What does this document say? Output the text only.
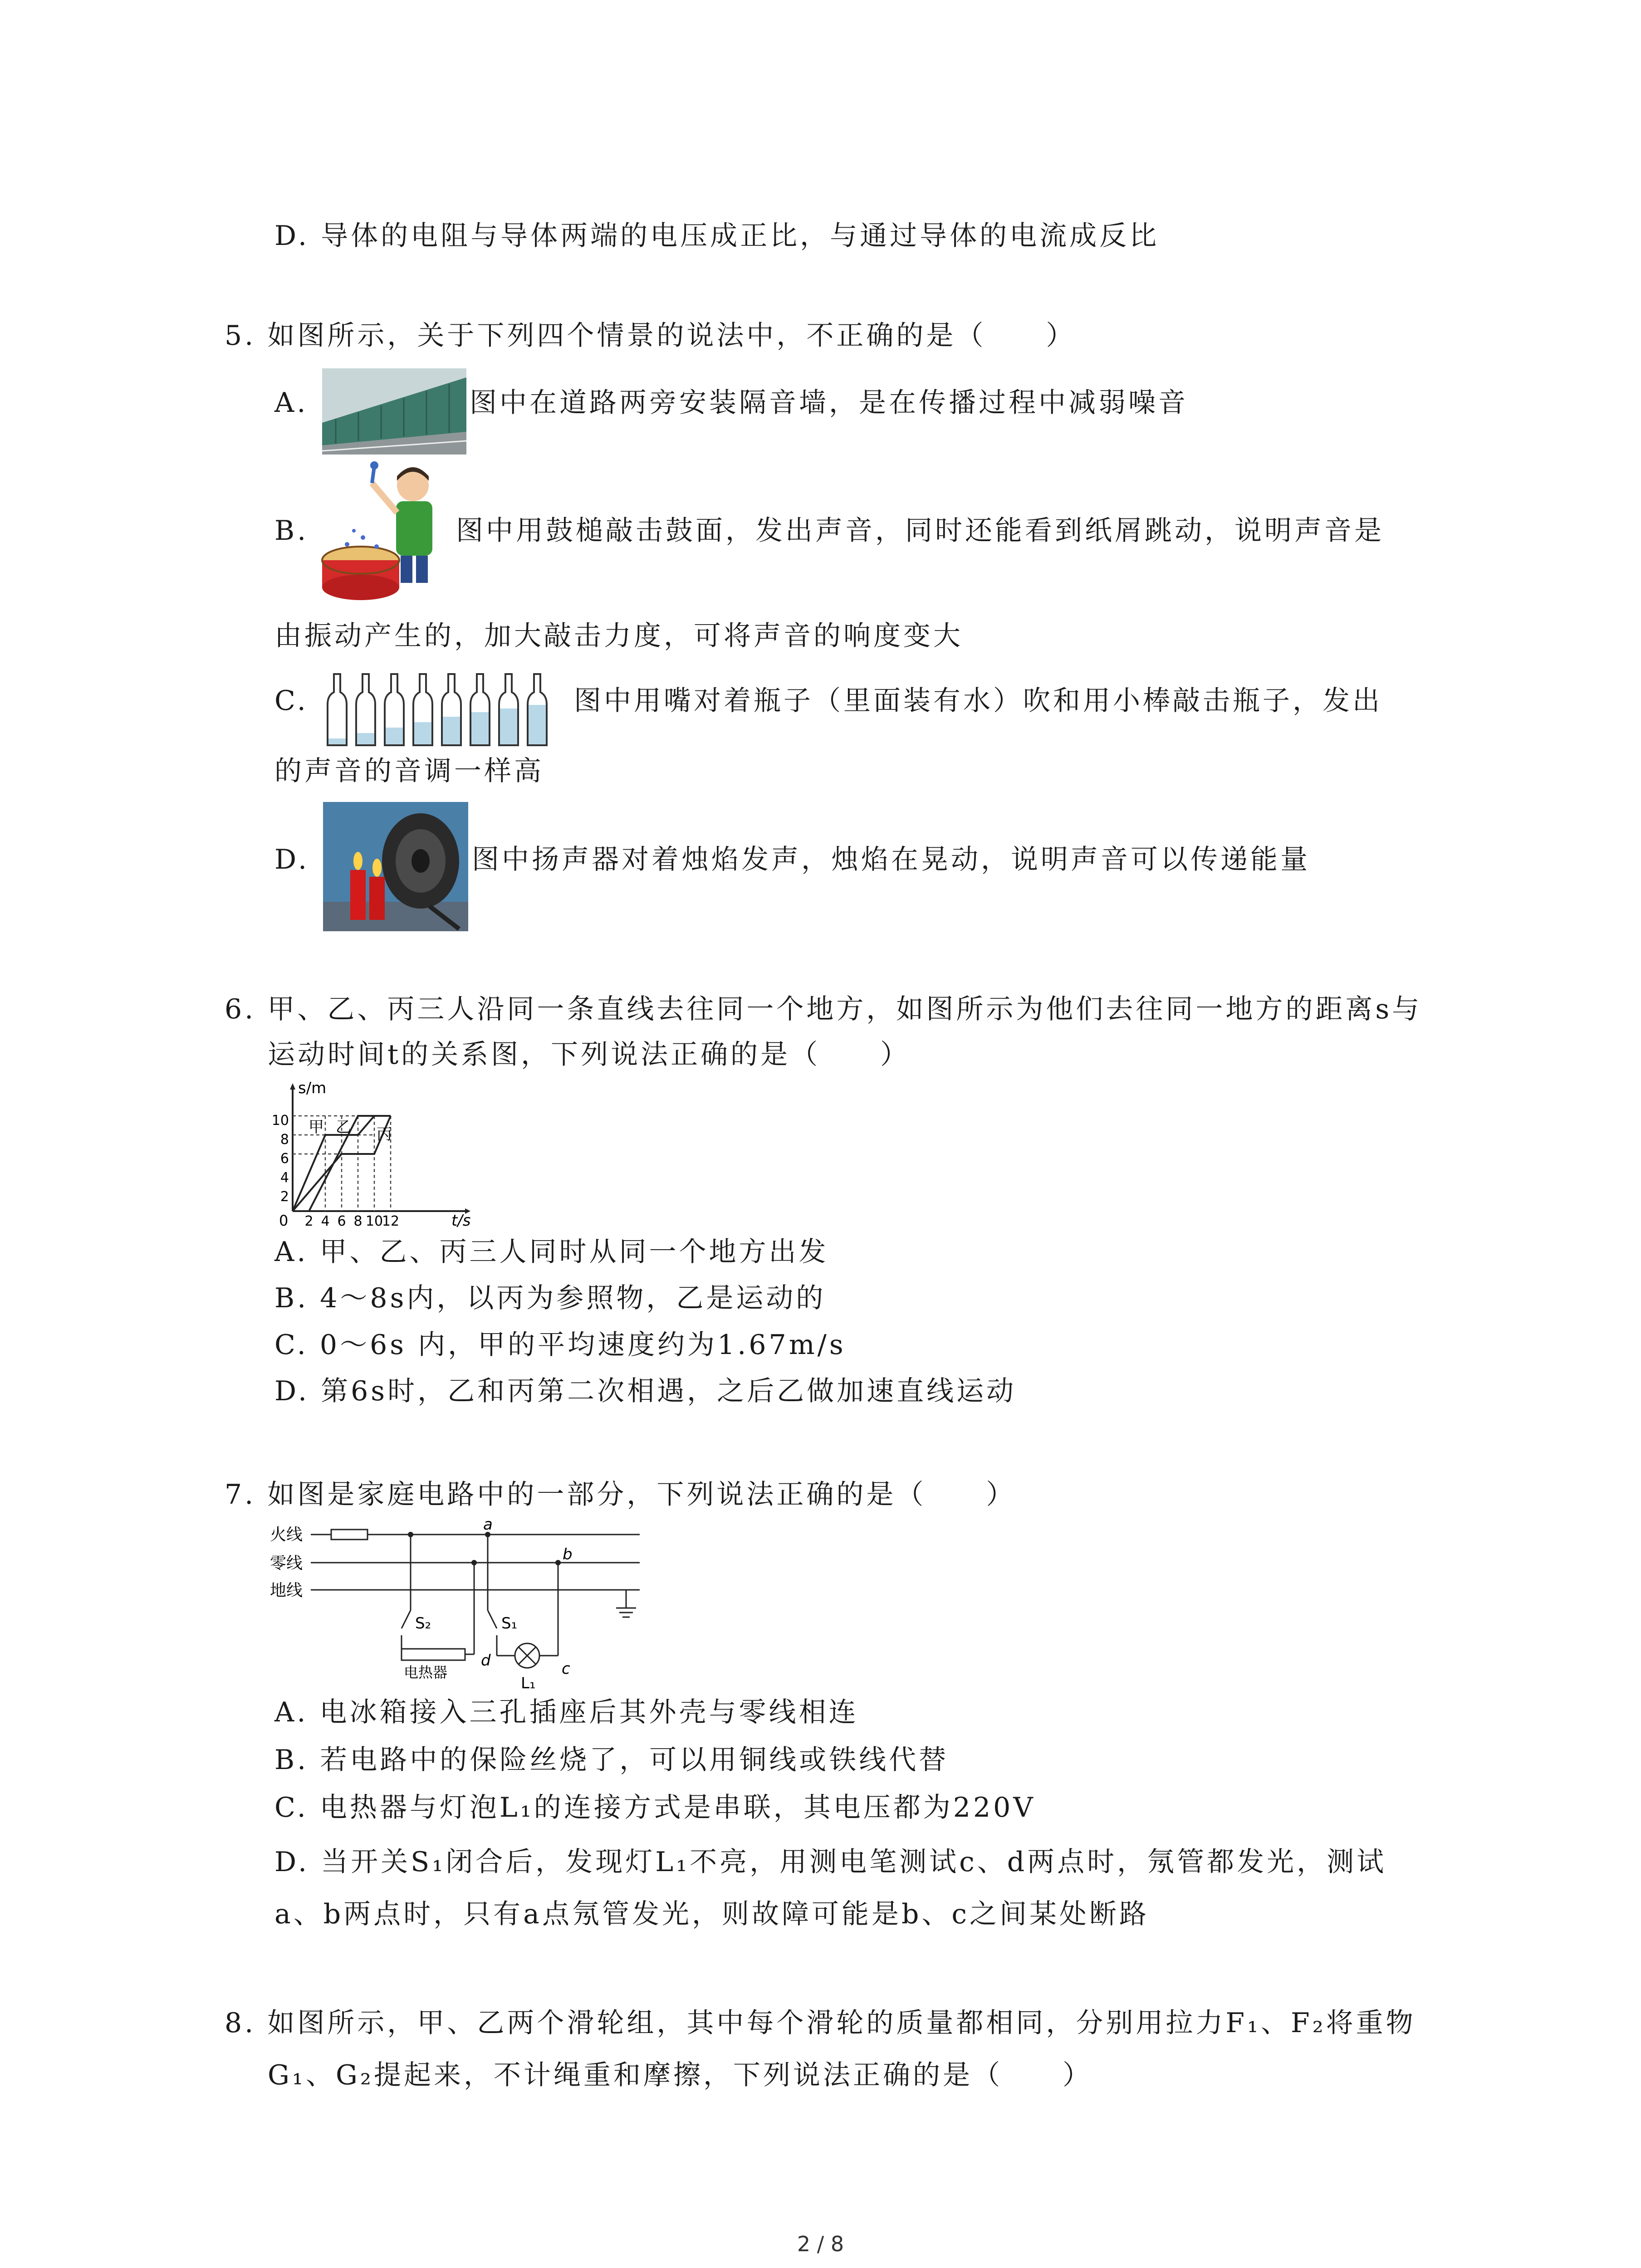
D. 导体的电阻与导体两端的电压成正比，与通过导体的电流成反比
5. 如图所示，关于下列四个情景的说法中，不正确的是（　　）
A.	图中在道路两旁安装隔音墙，是在传播过程中减弱噪音
B.	图中用鼓槌敲击鼓面，发出声音，同时还能看到纸屑跳动，说明声音是
由振动产生的，加大敲击力度，可将声音的响度变大
C.	图中用嘴对着瓶子（里面装有水）吹和用小棒敲击瓶子，发出
的声音的音调一样高
D.	图中扬声器对着烛焰发声，烛焰在晃动，说明声音可以传递能量
6. 甲、乙、丙三人沿同一条直线去往同一个地方，如图所示为他们去往同一地方的距离s与
运动时间t的关系图，下列说法正确的是（　　）
s/m
t/s
0
10
8
6
4
2
2 4 6 8 10
12
甲 乙 丙
A. 甲、乙、丙三人同时从同一个地方出发
B. 4～8s内，以丙为参照物，乙是运动的
C. 0～6s 内，甲的平均速度约为1.67m/s
D. 第6s时，乙和丙第二次相遇，之后乙做加速直线运动
7. 如图是家庭电路中的一部分，下列说法正确的是（　　）
火线
零线
地线
S₂	S₁
电热器
L₁
a
b
c
d
A. 电冰箱接入三孔插座后其外壳与零线相连
B. 若电路中的保险丝烧了，可以用铜线或铁线代替
C. 电热器与灯泡L₁的连接方式是串联，其电压都为220V
D. 当开关S₁闭合后，发现灯L₁不亮，用测电笔测试c、d两点时，氖管都发光，测试
a、b两点时，只有a点氖管发光，则故障可能是b、c之间某处断路
8. 如图所示，甲、乙两个滑轮组，其中每个滑轮的质量都相同，分别用拉力F₁、F₂将重物
G₁、G₂提起来，不计绳重和摩擦，下列说法正确的是（　　）
2 / 8
